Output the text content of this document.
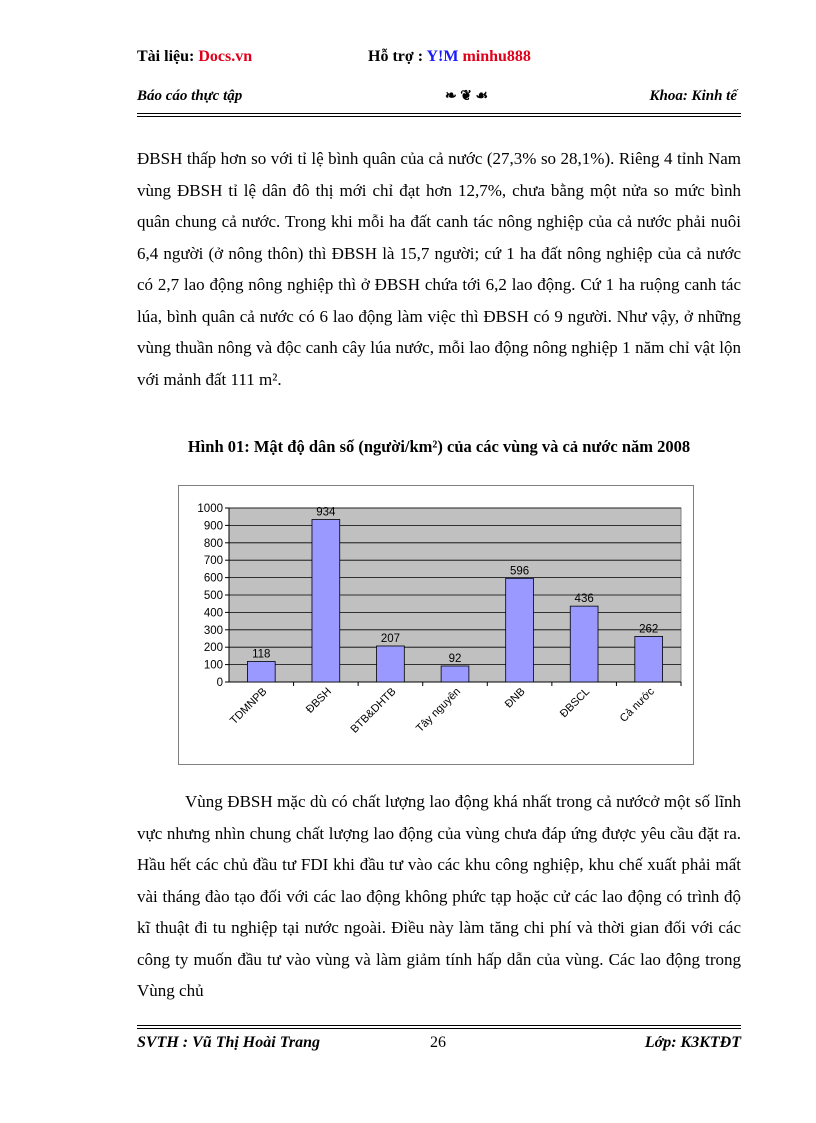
Tài liệu: Docs.vn	Hỗ trợ : Y!M minhu888
Báo cáo thực tập	❧ ❦ ☙	Khoa: Kinh tế

ĐBSH thấp hơn so với tỉ lệ bình quân của cả nước (27,3% so 28,1%). Riêng 4 tỉnh Nam vùng ĐBSH tỉ lệ dân đô thị mới chỉ đạt hơn 12,7%, chưa bằng một nửa so mức bình quân chung cả nước. Trong khi mỗi ha đất canh tác nông nghiệp của cả nước phải nuôi 6,4 người (ở nông thôn) thì ĐBSH là 15,7 người; cứ 1 ha đất nông nghiệp của cả nước có 2,7 lao động nông nghiệp thì ở ĐBSH chứa tới 6,2 lao động. Cứ 1 ha ruộng canh tác lúa, bình quân cả nước có 6 lao động làm việc thì ĐBSH có 9 người. Như vậy, ở những vùng thuần nông và độc canh cây lúa nước, mỗi lao động nông nghiệp 1 năm chỉ vật lộn với mảnh đất 111 m².

Hình 01: Mật độ dân số (người/km²) của các vùng và cả nước năm 2008

0
100
200
300
400
500
600
700
800
900
1000
118
TDMNPB
934
ĐBSH
207
BTB&DHTB
92
Tây nguyên
596
ĐNB
436
ĐBSCL
262
Cả nước

Vùng ĐBSH mặc dù có chất lượng lao động khá nhất trong cả nướcở một số lĩnh vực nhưng nhìn chung chất lượng lao động của vùng chưa đáp ứng được yêu cầu đặt ra. Hầu hết các chủ đầu tư FDI khi đầu tư vào các khu công nghiệp, khu chế xuất phải mất vài tháng đào tạo đối với các lao động không phức tạp hoặc cử các lao động có trình độ kĩ thuật đi tu nghiệp tại nước ngoài. Điều này làm tăng chi phí và thời gian đối với các công ty muốn đầu tư vào vùng và làm giảm tính hấp dẫn của vùng. Các lao động trong Vùng chủ

SVTH : Vũ Thị Hoài Trang	26	Lớp: K3KTĐT
